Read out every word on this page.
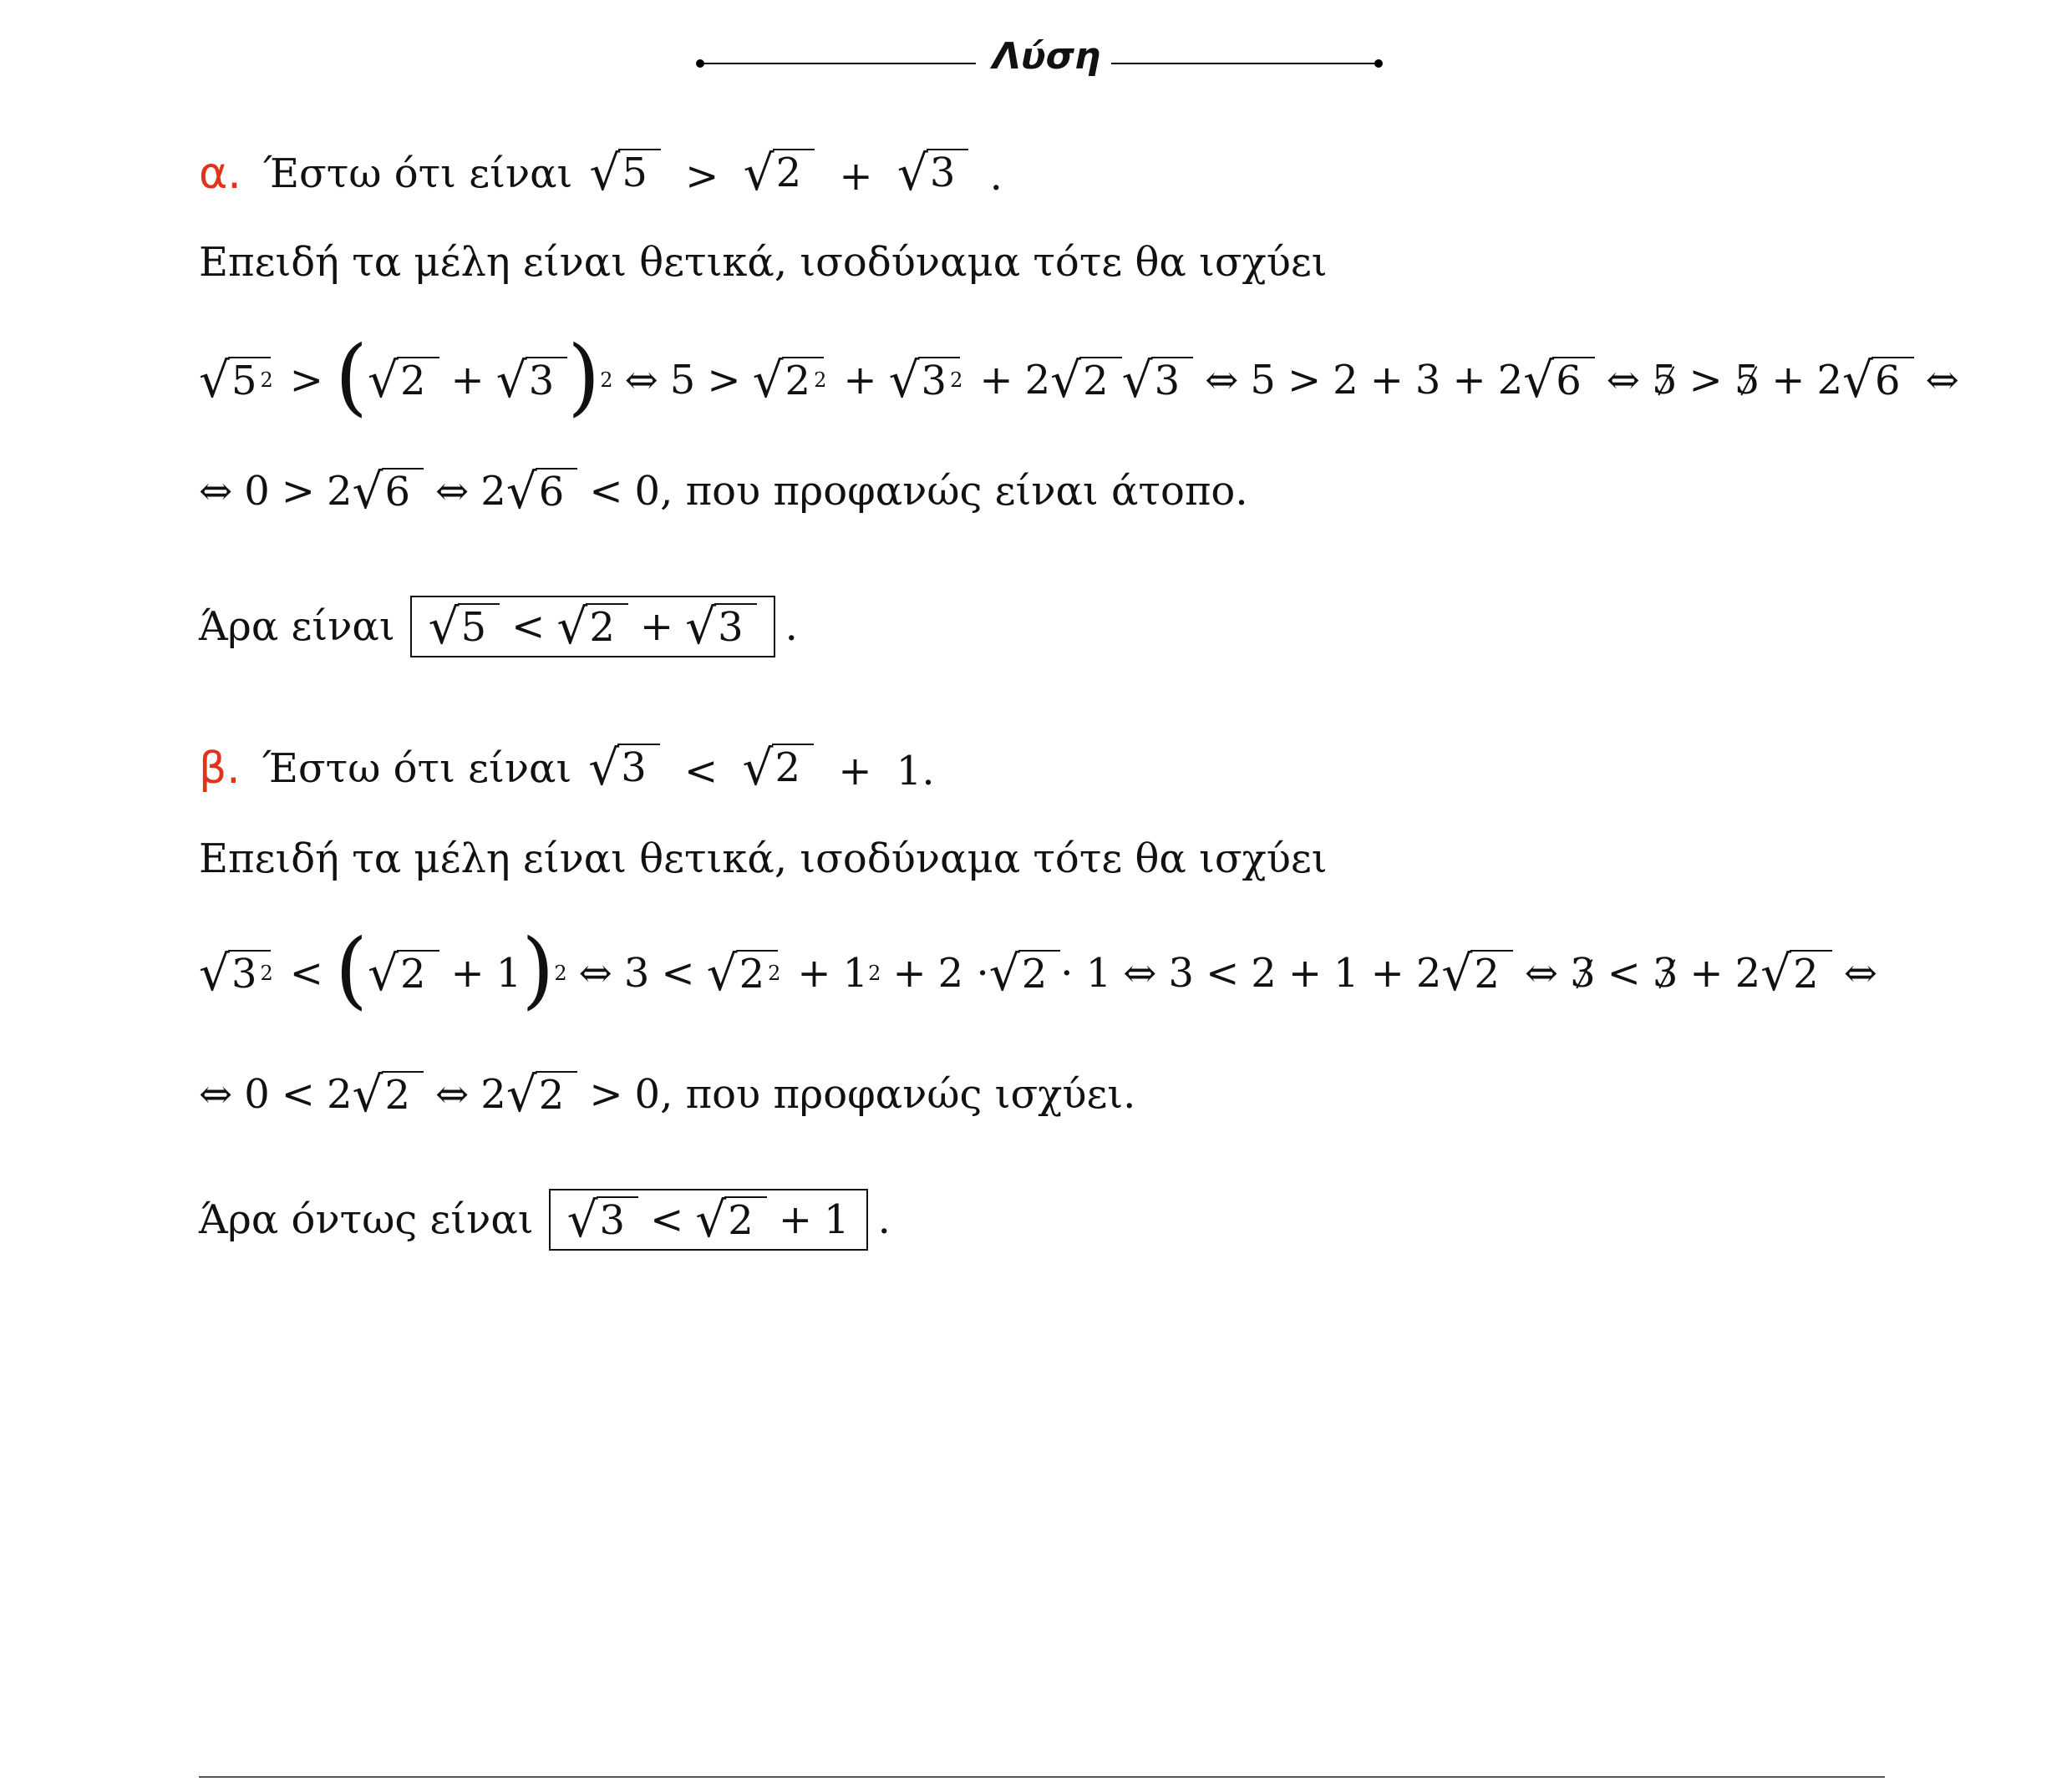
Λύση
α. Έστω ότι είναι √ 5 > √ 2 + √ 3 .
Επειδή τα μέλη είναι θετικά, ισοδύναμα τότε θα ισχύει
√ 5 2 > ( √ 2 + √ 3 ) 2 ⇔ 5 > √ 2 2 + √ 3 2 + 2 √ 2 √ 3 ⇔ 5 > 2 + 3 + 2 √ 6 ⇔ 5 > 5 + 2 √ 6 ⇔
⇔ 0 > 2 √ 6 ⇔ 2 √ 6 < 0 , που προφανώς είναι άτοπο.
Άρα είναι √ 5 < √ 2 + √ 3	.
β. Έστω ότι είναι √ 3 < √ 2 + 1.
Επειδή τα μέλη είναι θετικά, ισοδύναμα τότε θα ισχύει
√ 3 2 < ( √ 2 + 1 ) 2 ⇔ 3 < √ 2 2 + 1 2 + 2 · √ 2 · 1 ⇔ 3 < 2 + 1 + 2 √ 2 ⇔ 3 < 3 + 2 √ 2 ⇔
⇔ 0 < 2 √ 2 ⇔ 2 √ 2 > 0 , που προφανώς ισχύει.
Άρα όντως είναι √ 3 < √ 2 + 1 .
